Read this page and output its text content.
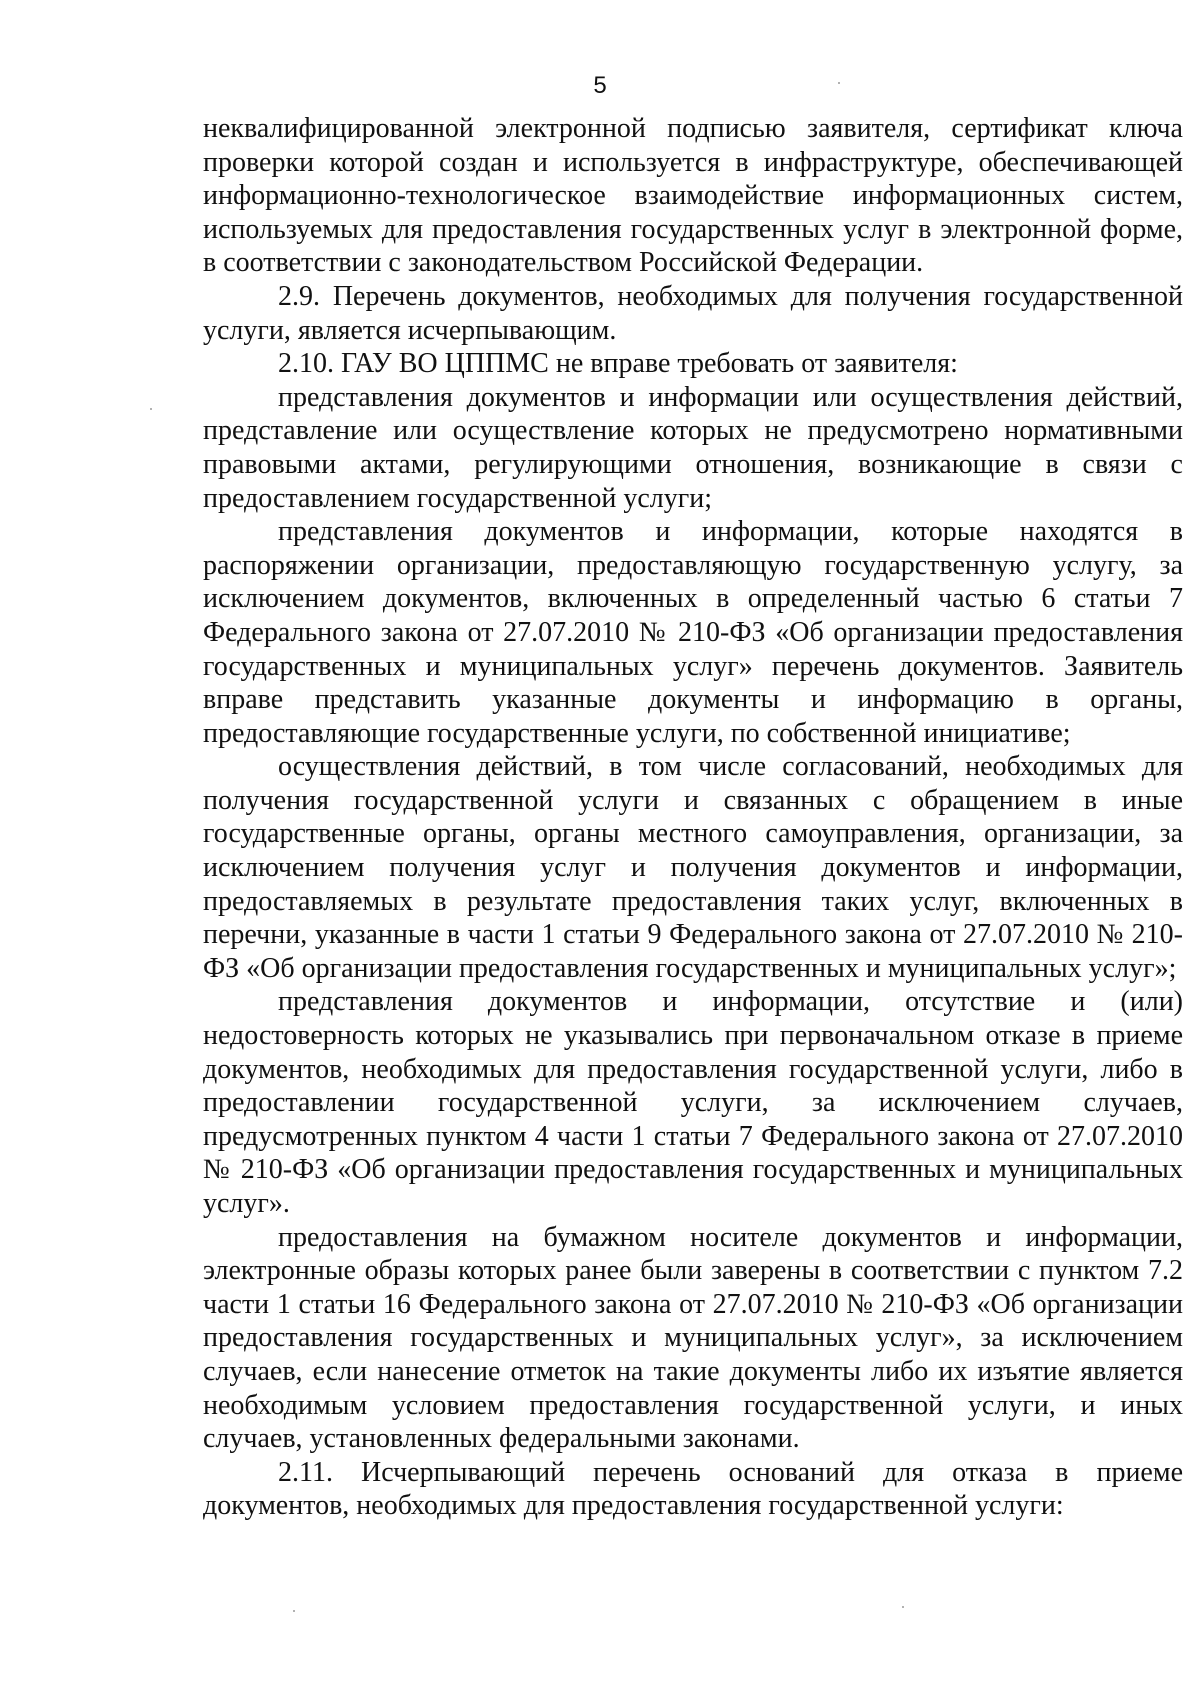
5

неквалифицированной электронной подписью заявителя, сертификат ключа проверки которой создан и используется в инфраструктуре, обеспечивающей информационно-технологическое взаимодействие информационных систем, используемых для предоставления государственных услуг в электронной форме, в соответствии с законодательством Российской Федерации.

2.9. Перечень документов, необходимых для получения государственной услуги, является исчерпывающим.

2.10. ГАУ ВО ЦППМС не вправе требовать от заявителя:

представления документов и информации или осуществления действий, представление или осуществление которых не предусмотрено нормативными правовыми актами, регулирующими отношения, возникающие в связи с предоставлением государственной услуги;

представления документов и информации, которые находятся в распоряжении организации, предоставляющую государственную услугу, за исключением документов, включенных в определенный частью 6 статьи 7 Федерального закона от 27.07.2010 № 210-ФЗ «Об организации предоставления государственных и муниципальных услуг» перечень документов. Заявитель вправе представить указанные документы и информацию в органы, предоставляющие государственные услуги, по собственной инициативе;

осуществления действий, в том числе согласований, необходимых для получения государственной услуги и связанных с обращением в иные государственные органы, органы местного самоуправления, организации, за исключением получения услуг и получения документов и информации, предоставляемых в результате предоставления таких услуг, включенных в перечни, указанные в части 1 статьи 9 Федерального закона от 27.07.2010 № 210-ФЗ «Об организации предоставления государственных и муниципальных услуг»;

представления документов и информации, отсутствие и (или) недостоверность которых не указывались при первоначальном отказе в приеме документов, необходимых для предоставления государственной услуги, либо в предоставлении государственной услуги, за исключением случаев, предусмотренных пунктом 4 части 1 статьи 7 Федерального закона от 27.07.2010 № 210-ФЗ «Об организации предоставления государственных и муниципальных услуг».

предоставления на бумажном носителе документов и информации, электронные образы которых ранее были заверены в соответствии с пунктом 7.2 части 1 статьи 16 Федерального закона от 27.07.2010 № 210-ФЗ «Об организации предоставления государственных и муниципальных услуг», за исключением случаев, если нанесение отметок на такие документы либо их изъятие является необходимым условием предоставления государственной услуги, и иных случаев, установленных федеральными законами.

2.11. Исчерпывающий перечень оснований для отказа в приеме документов, необходимых для предоставления государственной услуги:
